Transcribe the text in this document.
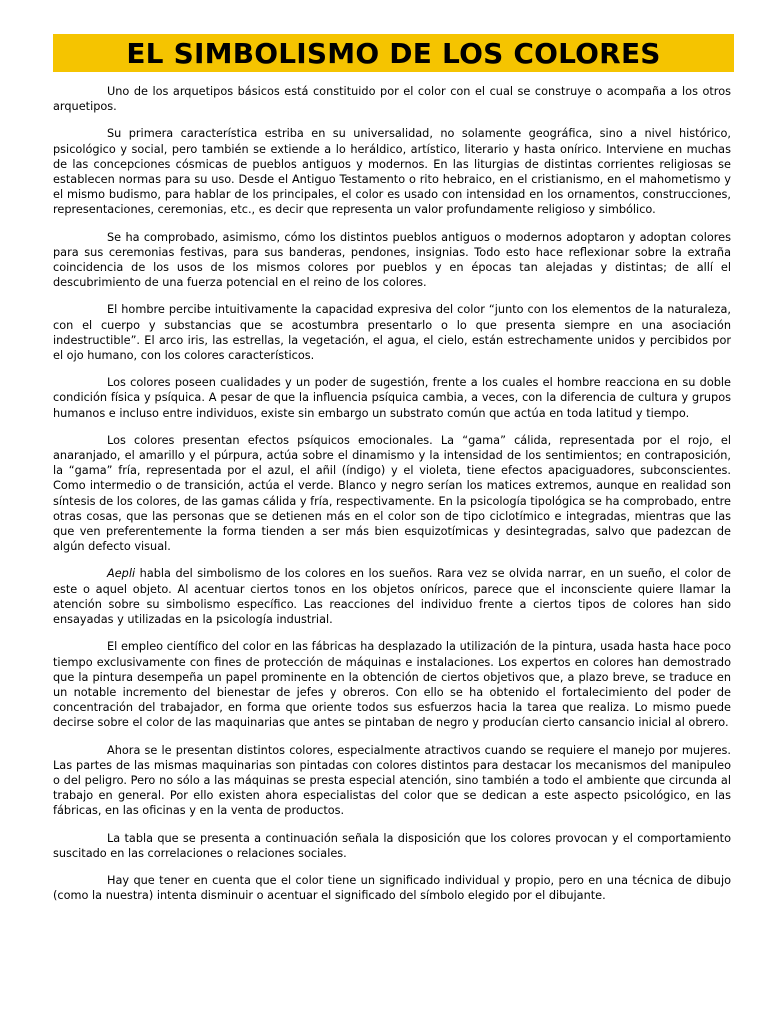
EL SIMBOLISMO DE LOS COLORES

Uno de los arquetipos básicos está constituido por el color con el cual se construye o acompaña a los otros arquetipos.

Su primera característica estriba en su universalidad, no solamente geográfica, sino a nivel histórico, psicológico y social, pero también se extiende a lo heráldico, artístico, literario y hasta onírico. Interviene en muchas de las concepciones cósmicas de pueblos antiguos y modernos. En las liturgias de distintas corrientes religiosas se establecen normas para su uso. Desde el Antiguo Testamento o rito hebraico, en el cristianismo, en el mahometismo y el mismo budismo, para hablar de los principales, el color es usado con intensidad en los ornamentos, construcciones, representaciones, ceremonias, etc., es decir que representa un valor profundamente religioso y simbólico.

Se ha comprobado, asimismo, cómo los distintos pueblos antiguos o modernos adoptaron y adoptan colores para sus ceremonias festivas, para sus banderas, pendones, insignias. Todo esto hace reflexionar sobre la extraña coincidencia de los usos de los mismos colores por pueblos y en épocas tan alejadas y distintas; de allí el descubrimiento de una fuerza potencial en el reino de los colores.

El hombre percibe intuitivamente la capacidad expresiva del color “junto con los elementos de la naturaleza, con el cuerpo y substancias que se acostumbra presentarlo o lo que presenta siempre en una asociación indestructible”. El arco iris, las estrellas, la vegetación, el agua, el cielo, están estrechamente unidos y percibidos por el ojo humano, con los colores característicos.

Los colores poseen cualidades y un poder de sugestión, frente a los cuales el hombre reacciona en su doble condición física y psíquica. A pesar de que la influencia psíquica cambia, a veces, con la diferencia de cultura y grupos humanos e incluso entre individuos, existe sin embargo un substrato común que actúa en toda latitud y tiempo.

Los colores presentan efectos psíquicos emocionales. La “gama” cálida, representada por el rojo, el anaranjado, el amarillo y el púrpura, actúa sobre el dinamismo y la intensidad de los sentimientos; en contraposición, la “gama” fría, representada por el azul, el añil (índigo) y el violeta, tiene efectos apaciguadores, subconscientes. Como intermedio o de transición, actúa el verde. Blanco y negro serían los matices extremos, aunque en realidad son síntesis de los colores, de las gamas cálida y fría, respectivamente. En la psicología tipológica se ha comprobado, entre otras cosas, que las personas que se detienen más en el color son de tipo ciclotímico e integradas, mientras que las que ven preferentemente la forma tienden a ser más bien esquizotímicas y desintegradas, salvo que padezcan de algún defecto visual.

Aepli habla del simbolismo de los colores en los sueños. Rara vez se olvida narrar, en un sueño, el color de este o aquel objeto. Al acentuar ciertos tonos en los objetos oníricos, parece que el inconsciente quiere llamar la atención sobre su simbolismo específico. Las reacciones del individuo frente a ciertos tipos de colores han sido ensayadas y utilizadas en la psicología industrial.

El empleo científico del color en las fábricas ha desplazado la utilización de la pintura, usada hasta hace poco tiempo exclusivamente con fines de protección de máquinas e instalaciones. Los expertos en colores han demostrado que la pintura desempeña un papel prominente en la obtención de ciertos objetivos que, a plazo breve, se traduce en un notable incremento del bienestar de jefes y obreros. Con ello se ha obtenido el fortalecimiento del poder de concentración del trabajador, en forma que oriente todos sus esfuerzos hacia la tarea que realiza. Lo mismo puede decirse sobre el color de las maquinarias que antes se pintaban de negro y producían cierto cansancio inicial al obrero.

Ahora se le presentan distintos colores, especialmente atractivos cuando se requiere el manejo por mujeres. Las partes de las mismas maquinarias son pintadas con colores distintos para destacar los mecanismos del manipuleo o del peligro. Pero no sólo a las máquinas se presta especial atención, sino también a todo el ambiente que circunda al trabajo en general. Por ello existen ahora especialistas del color que se dedican a este aspecto psicológico, en las fábricas, en las oficinas y en la venta de productos.

La tabla que se presenta a continuación señala la disposición que los colores provocan y el comportamiento suscitado en las correlaciones o relaciones sociales.

Hay que tener en cuenta que el color tiene un significado individual y propio, pero en una técnica de dibujo (como la nuestra) intenta disminuir o acentuar el significado del símbolo elegido por el dibujante.
